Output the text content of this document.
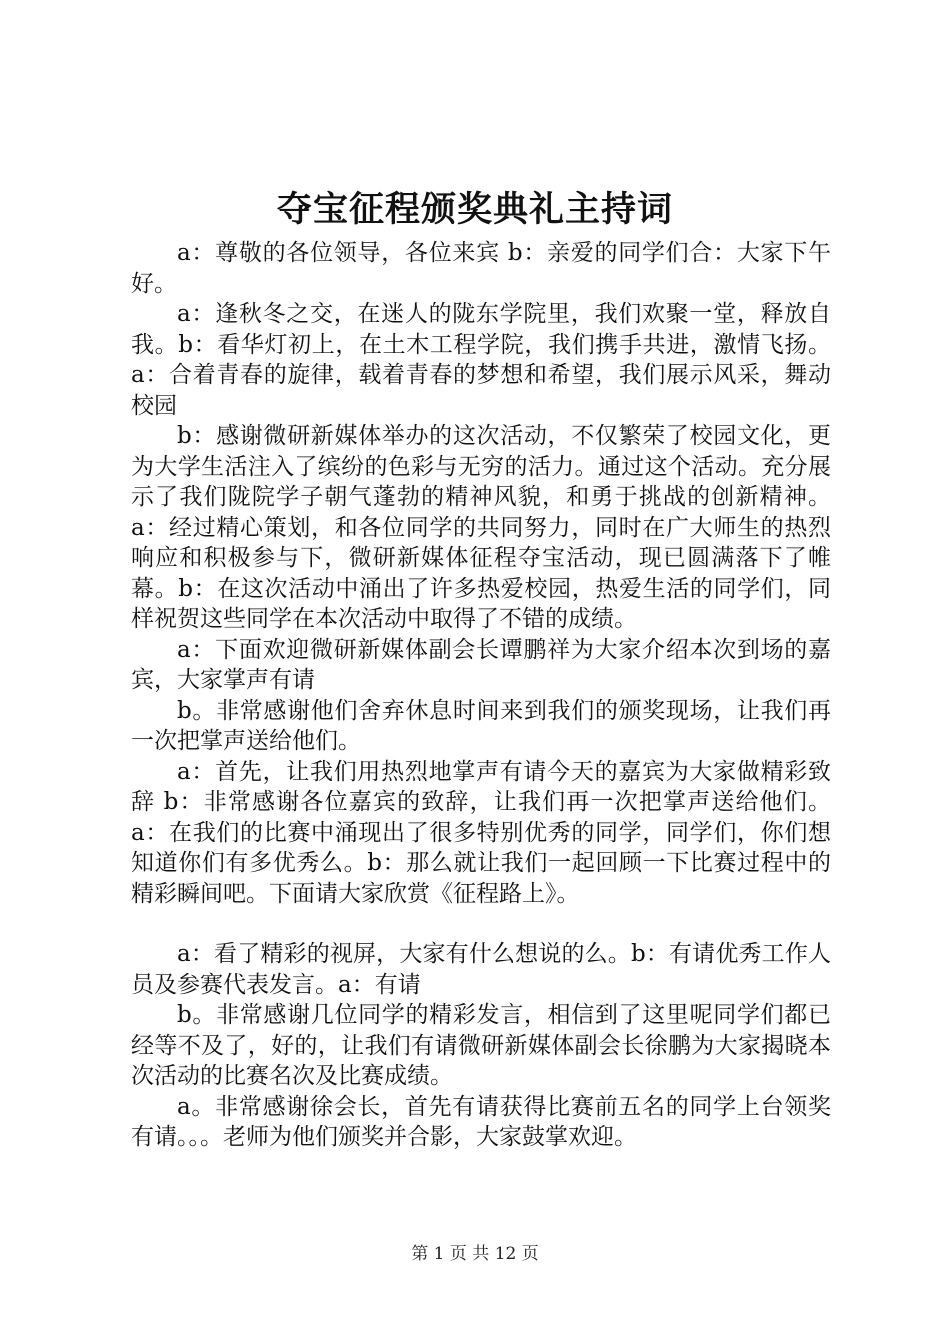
夺宝征程颁奖典礼主持词

a：尊敬的各位领导，各位来宾 b：亲爱的同学们合：大家下午好。

a：逢秋冬之交，在迷人的陇东学院里，我们欢聚一堂，释放自我。b：看华灯初上，在土木工程学院，我们携手共进，激情飞扬。a：合着青春的旋律，载着青春的梦想和希望，我们展示风采，舞动校园

b：感谢微研新媒体举办的这次活动，不仅繁荣了校园文化，更为大学生活注入了缤纷的色彩与无穷的活力。通过这个活动。充分展示了我们陇院学子朝气蓬勃的精神风貌，和勇于挑战的创新精神。a：经过精心策划，和各位同学的共同努力，同时在广大师生的热烈响应和积极参与下，微研新媒体征程夺宝活动，现已圆满落下了帷幕。b：在这次活动中涌出了许多热爱校园，热爱生活的同学们，同样祝贺这些同学在本次活动中取得了不错的成绩。

a：下面欢迎微研新媒体副会长谭鹏祥为大家介绍本次到场的嘉宾，大家掌声有请

b。非常感谢他们舍弃休息时间来到我们的颁奖现场，让我们再一次把掌声送给他们。

a：首先，让我们用热烈地掌声有请今天的嘉宾为大家做精彩致辞 b：非常感谢各位嘉宾的致辞，让我们再一次把掌声送给他们。a：在我们的比赛中涌现出了很多特别优秀的同学，同学们，你们想知道你们有多优秀么。b：那么就让我们一起回顾一下比赛过程中的精彩瞬间吧。下面请大家欣赏《征程路上》。

a：看了精彩的视屏，大家有什么想说的么。b：有请优秀工作人员及参赛代表发言。a：有请

b。非常感谢几位同学的精彩发言，相信到了这里呢同学们都已经等不及了，好的，让我们有请微研新媒体副会长徐鹏为大家揭晓本次活动的比赛名次及比赛成绩。

a。非常感谢徐会长，首先有请获得比赛前五名的同学上台领奖有请。。。老师为他们颁奖并合影，大家鼓掌欢迎。

第 1 页 共 12 页
